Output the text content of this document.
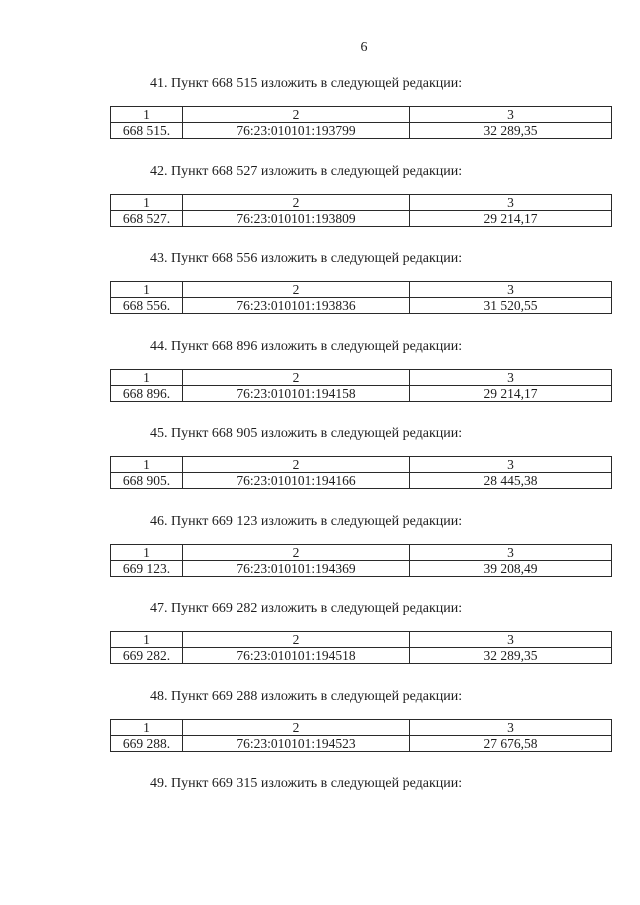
6
41. Пункт 668 515 изложить в следующей редакции:
1	2	3
668 515.	76:23:010101:193799	32 289,35
42. Пункт 668 527 изложить в следующей редакции:
1	2	3
668 527.	76:23:010101:193809	29 214,17
43. Пункт 668 556 изложить в следующей редакции:
1	2	3
668 556.	76:23:010101:193836	31 520,55
44. Пункт 668 896 изложить в следующей редакции:
1	2	3
668 896.	76:23:010101:194158	29 214,17
45. Пункт 668 905 изложить в следующей редакции:
1	2	3
668 905.	76:23:010101:194166	28 445,38
46. Пункт 669 123 изложить в следующей редакции:
1	2	3
669 123.	76:23:010101:194369	39 208,49
47. Пункт 669 282 изложить в следующей редакции:
1	2	3
669 282.	76:23:010101:194518	32 289,35
48. Пункт 669 288 изложить в следующей редакции:
1	2	3
669 288.	76:23:010101:194523	27 676,58
49. Пункт 669 315 изложить в следующей редакции:
